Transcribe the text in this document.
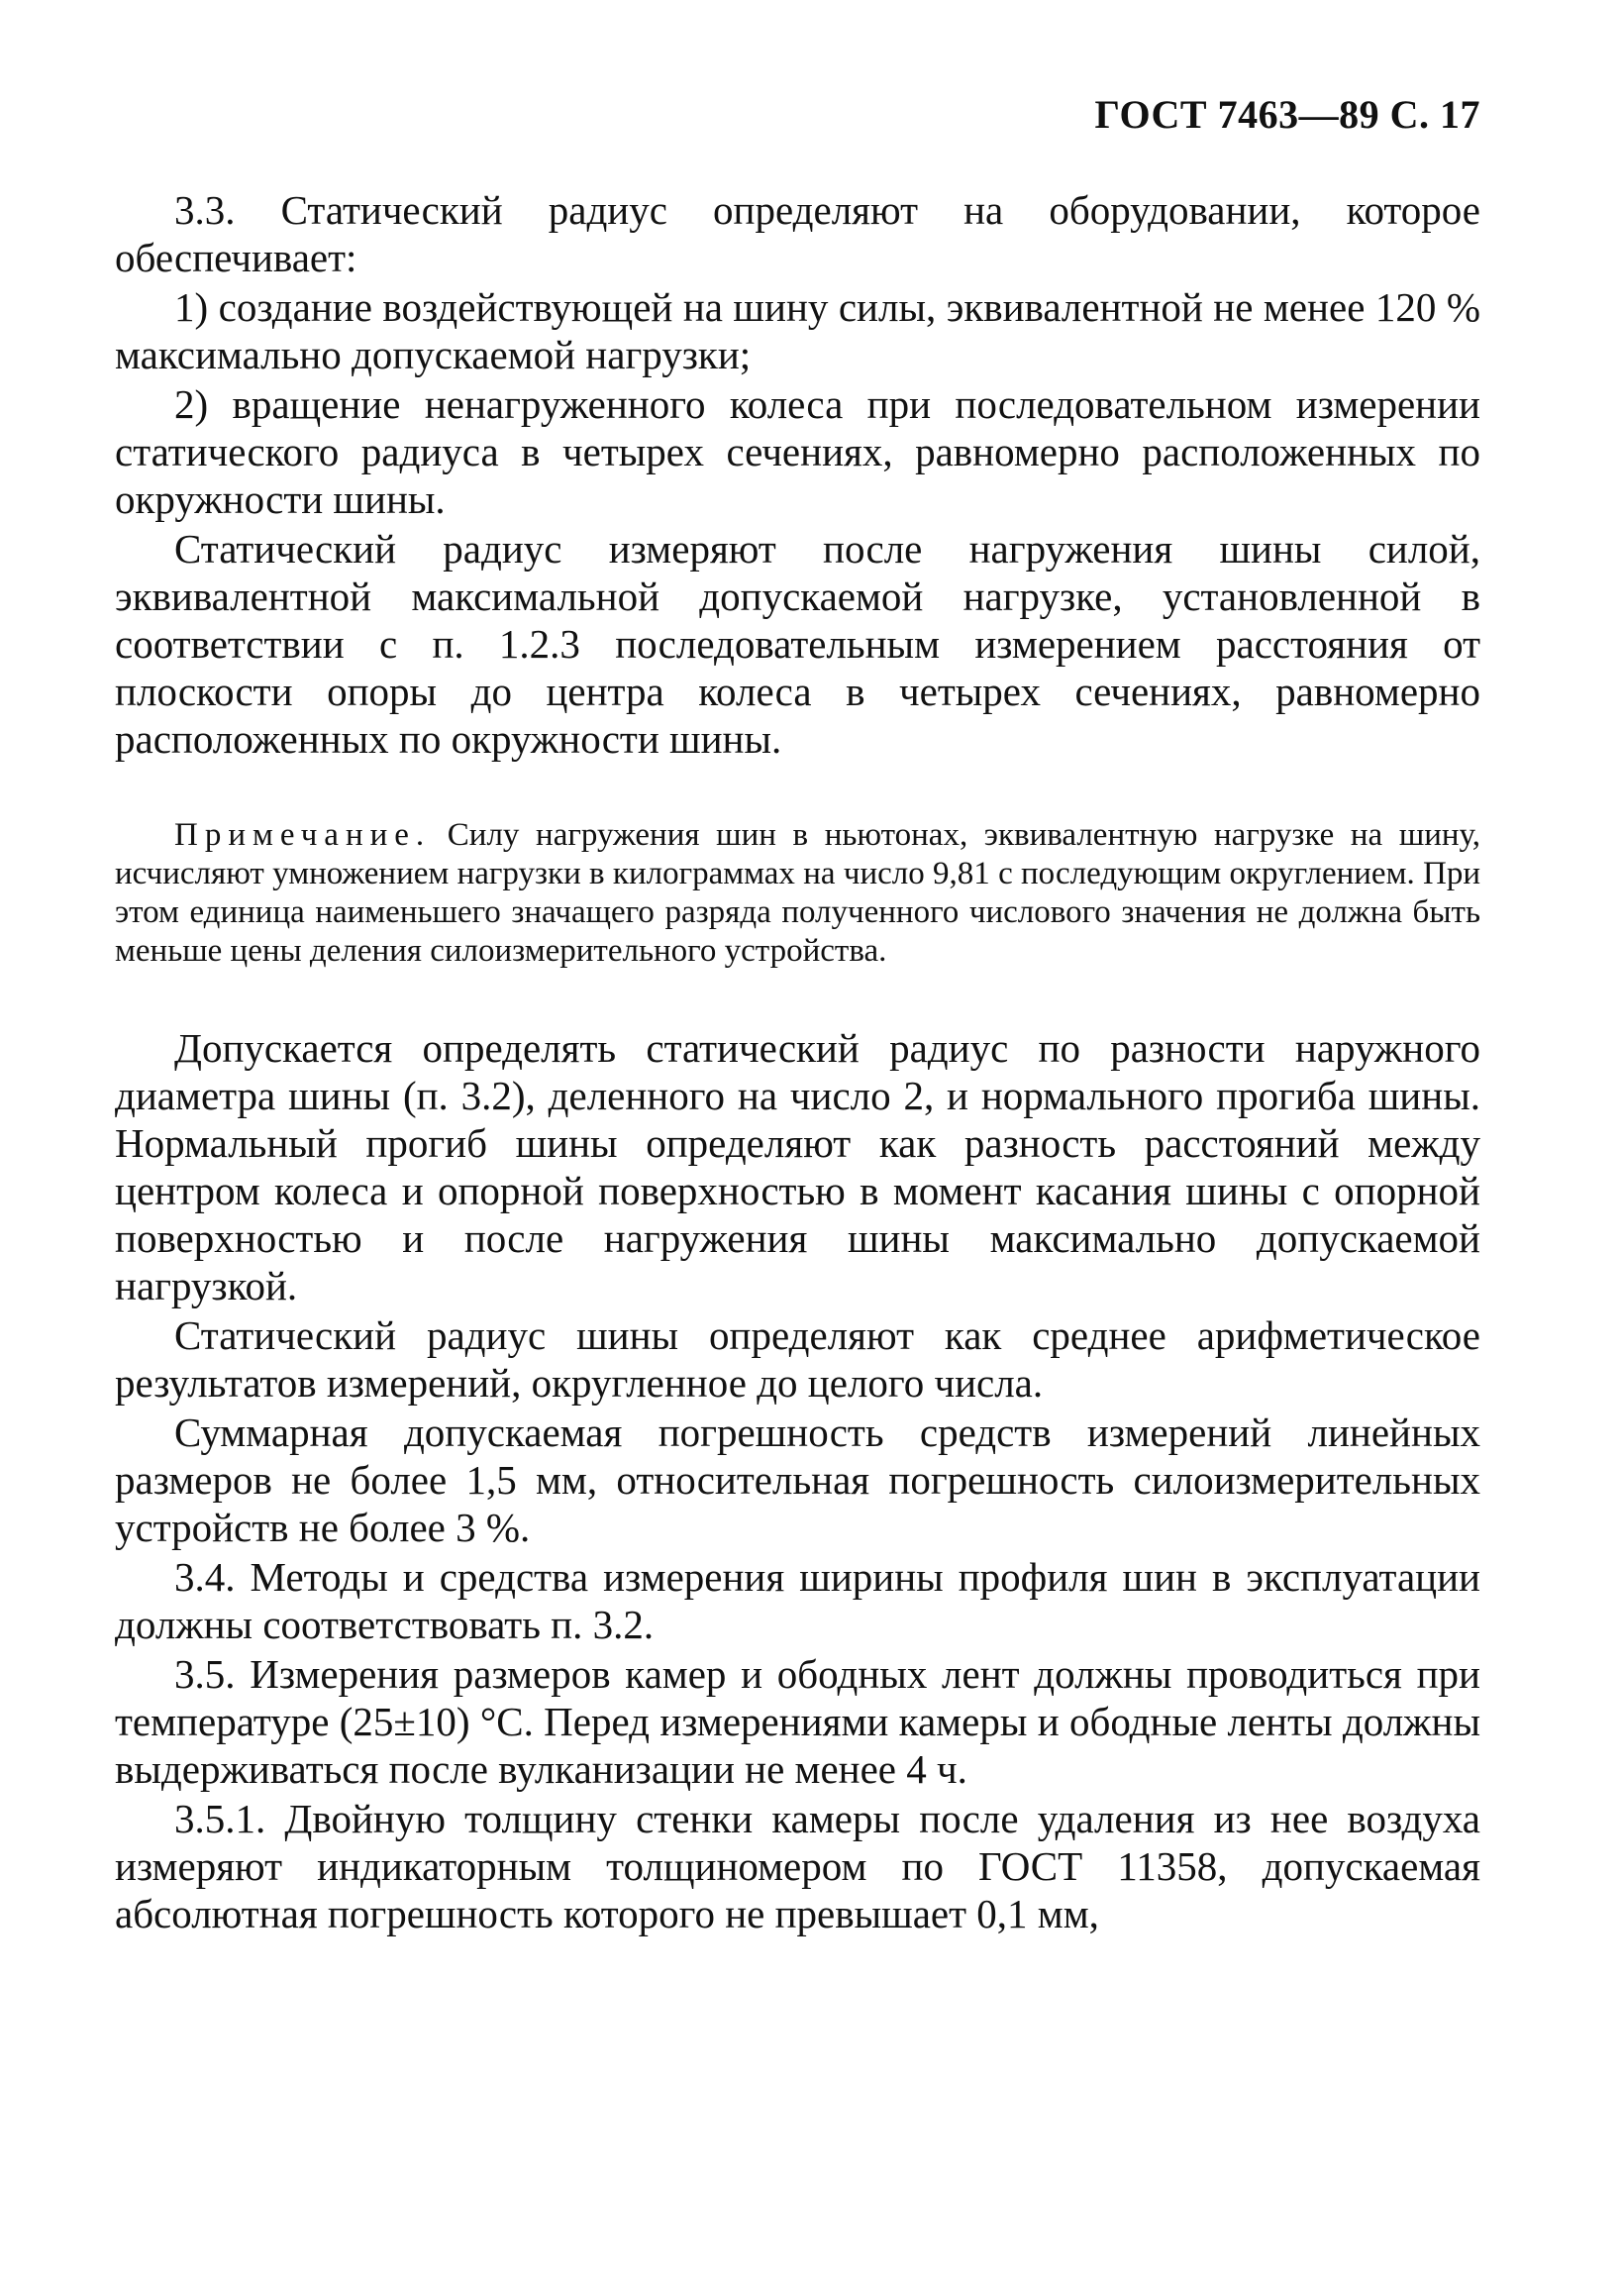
ГОСТ 7463—89 С. 17

3.3. Статический радиус определяют на оборудовании, которое обеспечивает:

1) создание воздействующей на шину силы, эквивалентной не менее 120 % максимально допускаемой нагрузки;

2) вращение ненагруженного колеса при последовательном измерении статического радиуса в четырех сечениях, равномерно расположенных по окружности шины.

Статический радиус измеряют после нагружения шины силой, эквивалентной максимальной допускаемой нагрузке, установленной в соответствии с п. 1.2.3 последовательным измерением расстояния от плоскости опоры до центра колеса в четырех сечениях, равномерно расположенных по окружности шины.

Примечание. Силу нагружения шин в ньютонах, эквивалентную нагрузке на шину, исчисляют умножением нагрузки в килограммах на число 9,81 с последующим округлением. При этом единица наименьшего значащего разряда полученного числового значения не должна быть меньше цены деления силоизмерительного устройства.

Допускается определять статический радиус по разности наружного диаметра шины (п. 3.2), деленного на число 2, и нормального прогиба шины. Нормальный прогиб шины определяют как разность расстояний между центром колеса и опорной поверхностью в момент касания шины с опорной поверхностью и после нагружения шины максимально допускаемой нагрузкой.

Статический радиус шины определяют как среднее арифметическое результатов измерений, округленное до целого числа.

Суммарная допускаемая погрешность средств измерений линейных размеров не более 1,5 мм, относительная погрешность силоизмерительных устройств не более 3 %.

3.4. Методы и средства измерения ширины профиля шин в эксплуатации должны соответствовать п. 3.2.

3.5. Измерения размеров камер и ободных лент должны проводиться при температуре (25±10) °С. Перед измерениями камеры и ободные ленты должны выдерживаться после вулканизации не менее 4 ч.

3.5.1. Двойную толщину стенки камеры после удаления из нее воздуха измеряют индикаторным толщиномером по ГОСТ 11358, допускаемая абсолютная погрешность которого не превышает 0,1 мм,
